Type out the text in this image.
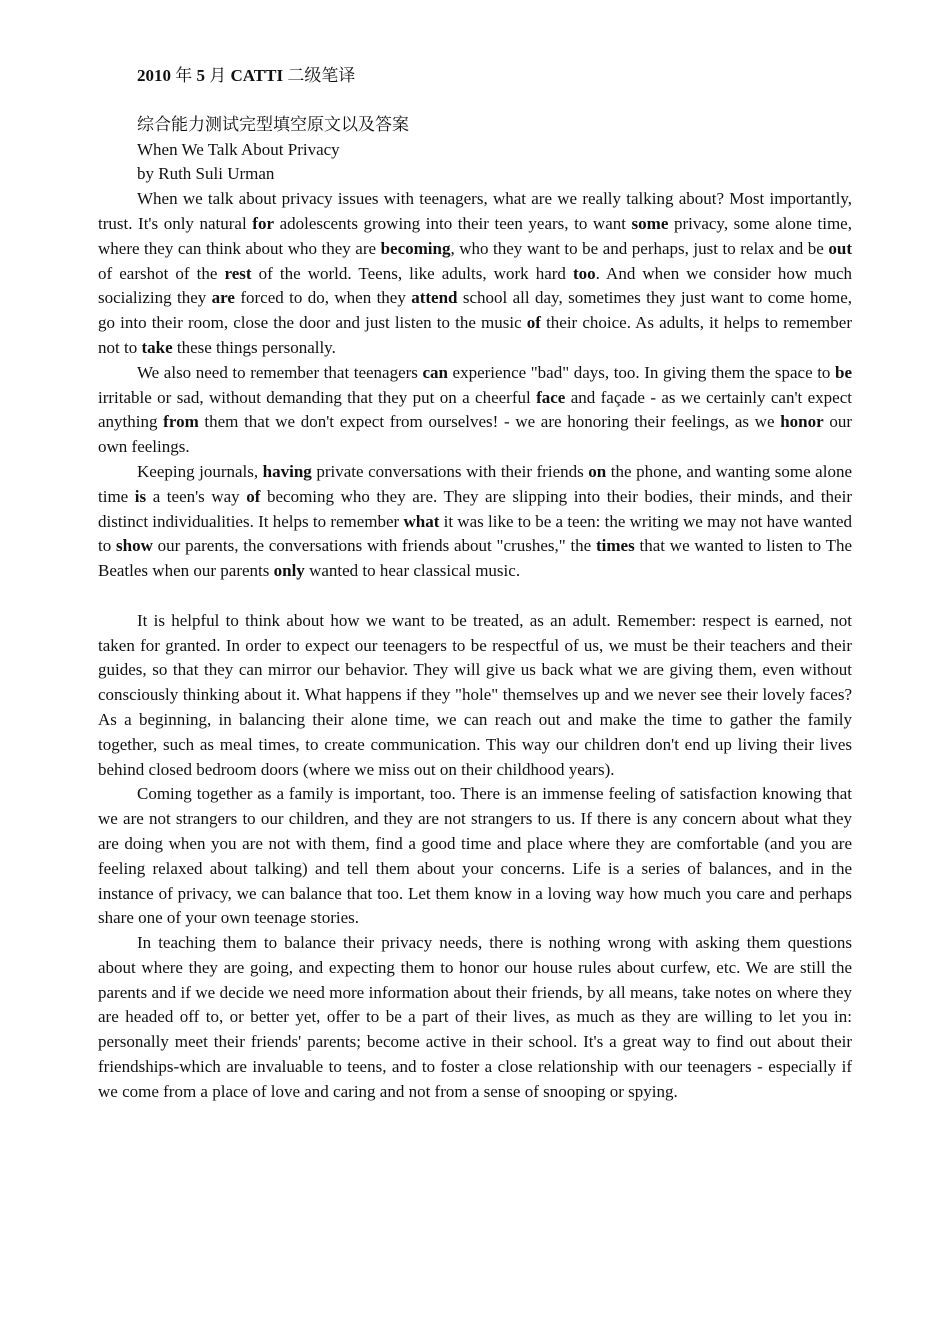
2010 年 5 月 CATTI 二级笔译
综合能力测试完型填空原文以及答案
When We Talk About Privacy
by Ruth Suli Urman

When we talk about privacy issues with teenagers, what are we really talking about? Most importantly, trust. It's only natural for adolescents growing into their teen years, to want some privacy, some alone time, where they can think about who they are becoming, who they want to be and perhaps, just to relax and be out of earshot of the rest of the world. Teens, like adults, work hard too. And when we consider how much socializing they are forced to do, when they attend school all day, sometimes they just want to come home, go into their room, close the door and just listen to the music of their choice. As adults, it helps to remember not to take these things personally.

We also need to remember that teenagers can experience "bad" days, too. In giving them the space to be irritable or sad, without demanding that they put on a cheerful face and façade - as we certainly can't expect anything from them that we don't expect from ourselves! - we are honoring their feelings, as we honor our own feelings.

Keeping journals, having private conversations with their friends on the phone, and wanting some alone time is a teen's way of becoming who they are. They are slipping into their bodies, their minds, and their distinct individualities. It helps to remember what it was like to be a teen: the writing we may not have wanted to show our parents, the conversations with friends about "crushes," the times that we wanted to listen to The Beatles when our parents only wanted to hear classical music.

It is helpful to think about how we want to be treated, as an adult. Remember: respect is earned, not taken for granted. In order to expect our teenagers to be respectful of us, we must be their teachers and their guides, so that they can mirror our behavior. They will give us back what we are giving them, even without consciously thinking about it. What happens if they "hole" themselves up and we never see their lovely faces? As a beginning, in balancing their alone time, we can reach out and make the time to gather the family together, such as meal times, to create communication. This way our children don't end up living their lives behind closed bedroom doors (where we miss out on their childhood years).

Coming together as a family is important, too. There is an immense feeling of satisfaction knowing that we are not strangers to our children, and they are not strangers to us. If there is any concern about what they are doing when you are not with them, find a good time and place where they are comfortable (and you are feeling relaxed about talking) and tell them about your concerns. Life is a series of balances, and in the instance of privacy, we can balance that too. Let them know in a loving way how much you care and perhaps share one of your own teenage stories.

In teaching them to balance their privacy needs, there is nothing wrong with asking them questions about where they are going, and expecting them to honor our house rules about curfew, etc. We are still the parents and if we decide we need more information about their friends, by all means, take notes on where they are headed off to, or better yet, offer to be a part of their lives, as much as they are willing to let you in: personally meet their friends' parents; become active in their school. It's a great way to find out about their friendships-which are invaluable to teens, and to foster a close relationship with our teenagers - especially if we come from a place of love and caring and not from a sense of snooping or spying.
